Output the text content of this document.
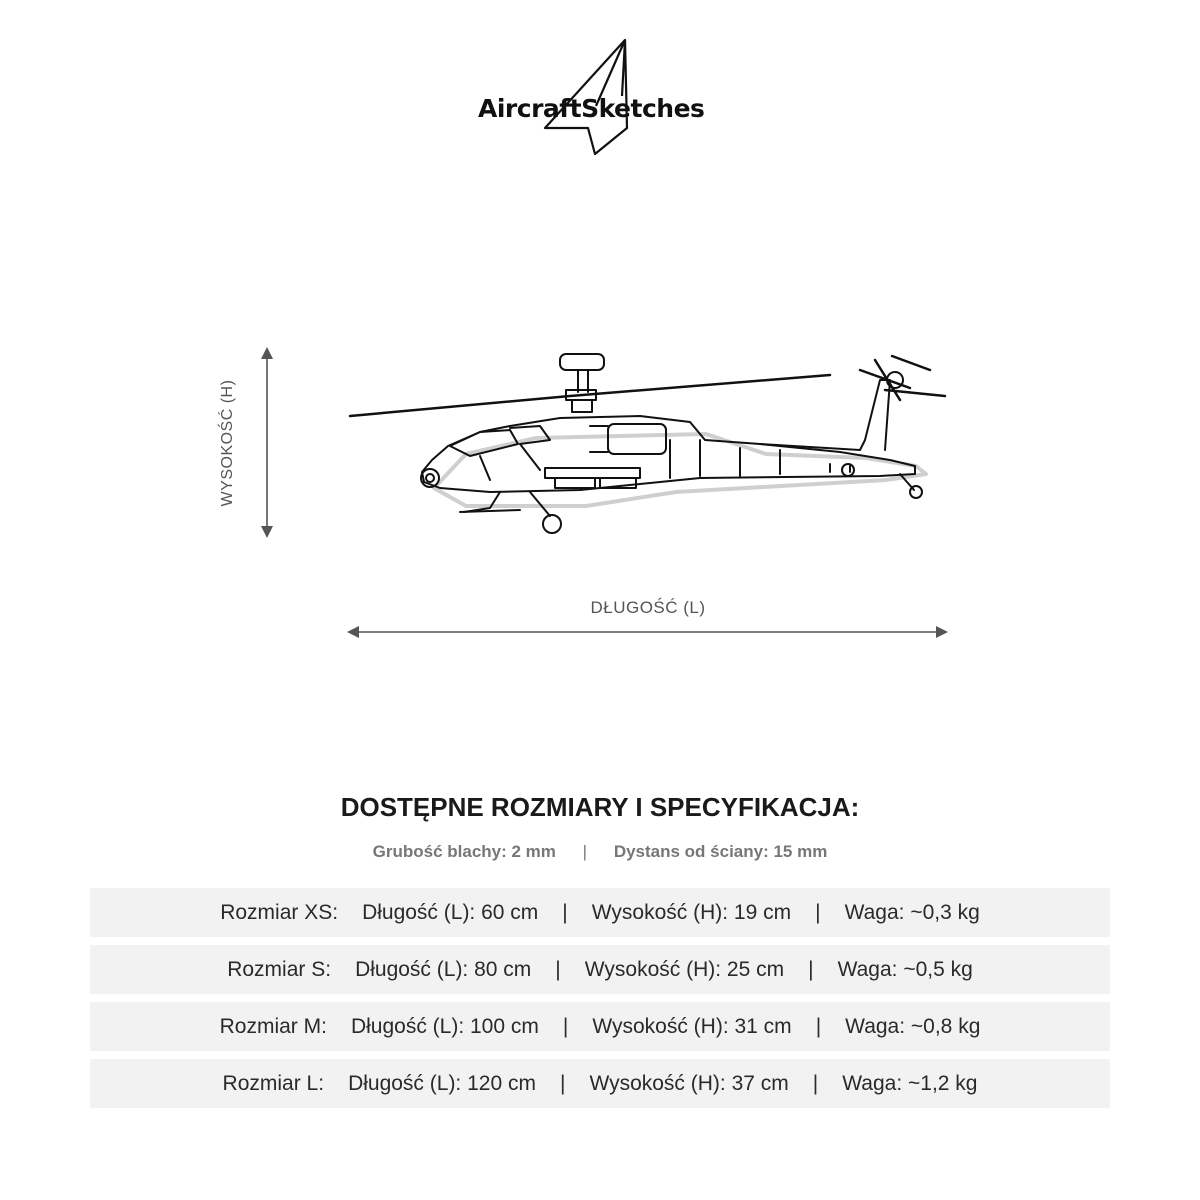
AircraftSketches
WYSOKOŚĆ (H)
DŁUGOŚĆ (L)
DOSTĘPNE ROZMIARY I SPECYFIKACJA:
Grubość blachy: 2 mm | Dystans od ściany: 15 mm
Rozmiar XS: Długość (L): 60 cm | Wysokość (H): 19 cm | Waga: ~0,3 kg
Rozmiar S: Długość (L): 80 cm | Wysokość (H): 25 cm | Waga: ~0,5 kg
Rozmiar M: Długość (L): 100 cm | Wysokość (H): 31 cm | Waga: ~0,8 kg
Rozmiar L: Długość (L): 120 cm | Wysokość (H): 37 cm | Waga: ~1,2 kg
